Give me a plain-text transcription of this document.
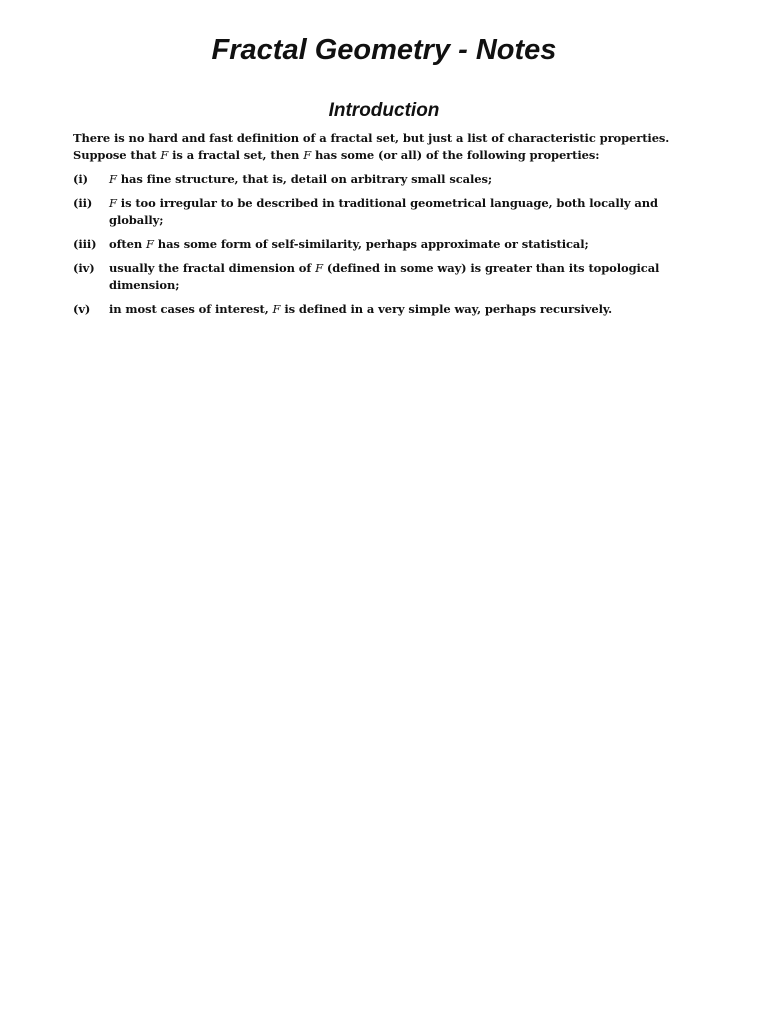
Fractal Geometry - Notes
Introduction

There is no hard and fast definition of a fractal set, but just a list of characteristic properties.

Suppose that F is a fractal set, then F has some (or all) of the following properties:

(i)	F has fine structure, that is, detail on arbitrary small scales;
(ii)	F is too irregular to be described in traditional geometrical language, both locally and globally;
(iii)	often F has some form of self-similarity, perhaps approximate or statistical;
(iv)	usually the fractal dimension of F (defined in some way) is greater than its topological dimension;
(v)	in most cases of interest, F is defined in a very simple way, perhaps recursively.
